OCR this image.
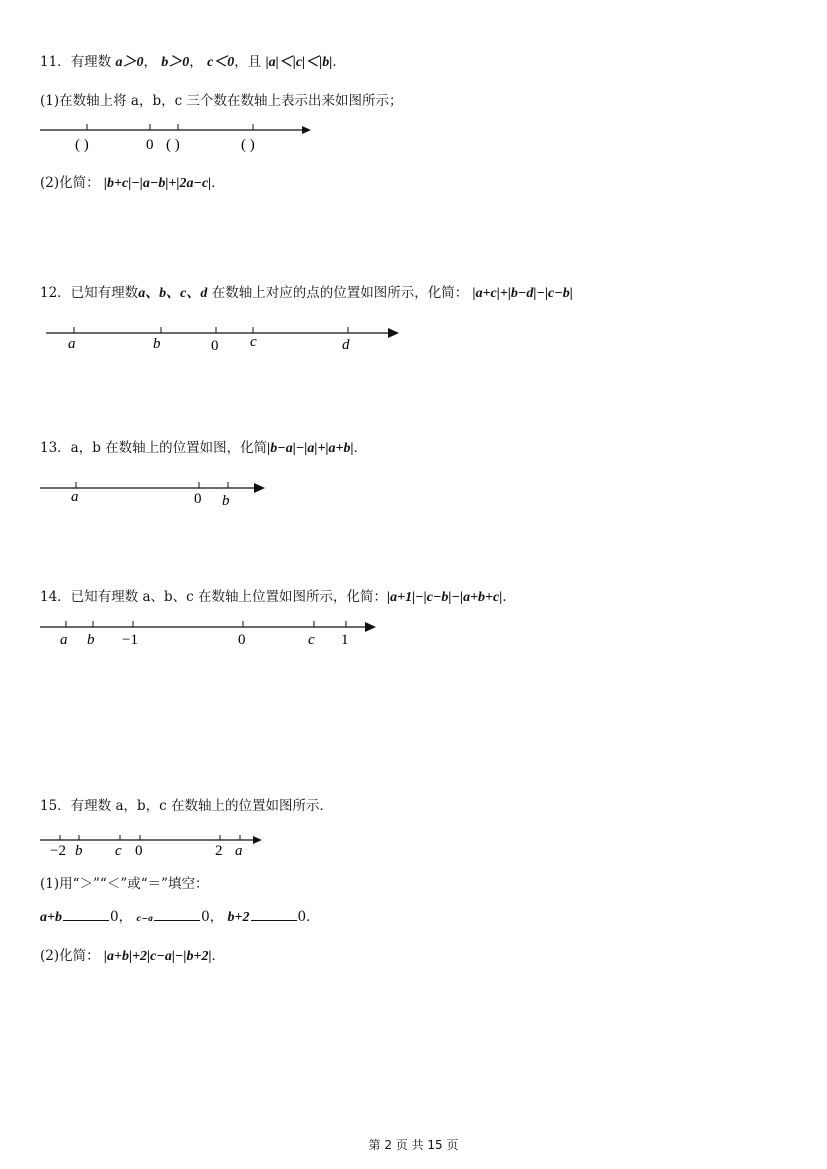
11．有理数 a＞0， b＞0， c＜0，且 |a|＜|c|＜|b|．
(1)在数轴上将 a，b，c 三个数在数轴上表示出来如图所示；
( )	0 ( )	( )
(2)化简： |b+c|−|a−b|+|2a−c|．
12．已知有理数a、b、c、d 在数轴上对应的点的位置如图所示，化简： |a+c|+|b−d|−|c−b|
a	b	0 c	d
13．a，b 在数轴上的位置如图，化简|b−a|−|a|+|a+b|．
a	0 b
14．已知有理数 a、b、c 在数轴上位置如图所示，化简：|a+1|−|c−b|−|a+b+c|．
a b −1	0	c 1
15．有理数 a，b，c 在数轴上的位置如图所示．
−2 b c 0	2 a
(1)用“＞”“＜”或“＝”填空：
a+b	0， c−a	0， b+2	0．
(2)化简： |a+b|+2|c−a|−|b+2|．
第 2 页 共 15 页
